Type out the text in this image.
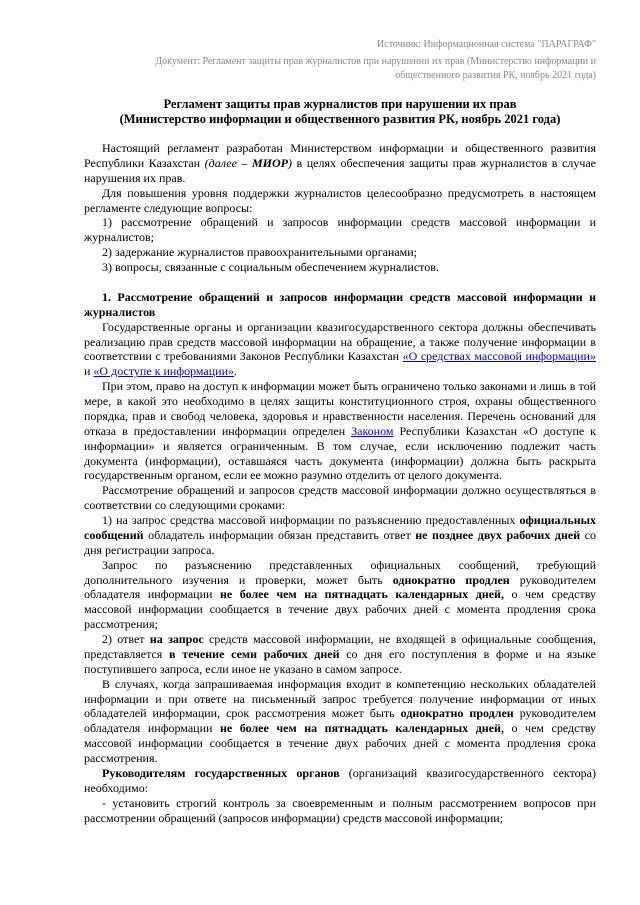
Источник: Информационная система "ПАРАГРАФ"
Документ: Регламент защиты прав журналистов при нарушении их прав (Министерство информации и общественного развития РК, ноябрь 2021 года)
Регламент защиты прав журналистов при нарушении их прав
(Министерство информации и общественного развития РК, ноябрь 2021 года)

Настоящий регламент разработан Министерством информации и общественного развития Республики Казахстан (далее – МИОР) в целях обеспечения защиты прав журналистов в случае нарушения их прав.

Для повышения уровня поддержки журналистов целесообразно предусмотреть в настоящем регламенте следующие вопросы:

1) рассмотрение обращений и запросов информации средств массовой информации и журналистов;

2) задержание журналистов правоохранительными органами;

3) вопросы, связанные с социальным обеспечением журналистов.

1. Рассмотрение обращений и запросов информации средств массовой информации и журналистов

Государственные органы и организации квазигосударственного сектора должны обеспечивать реализацию прав средств массовой информации на обращение, а также получение информации в соответствии с требованиями Законов Республики Казахстан «О средствах массовой информации» и «О доступе к информации».

При этом, право на доступ к информации может быть ограничено только законами и лишь в той мере, в какой это необходимо в целях защиты конституционного строя, охраны общественного порядка, прав и свобод человека, здоровья и нравственности населения. Перечень оснований для отказа в предоставлении информации определен Законом Республики Казахстан «О доступе к информации» и является ограниченным. В том случае, если исключению подлежит часть документа (информации), оставшаяся часть документа (информации) должна быть раскрыта государственным органом, если ее можно разумно отделить от целого документа.

Рассмотрение обращений и запросов средств массовой информации должно осуществляться в соответствии со следующими сроками:

1) на запрос средства массовой информации по разъяснению предоставленных официальных сообщений обладатель информации обязан представить ответ не позднее двух рабочих дней со дня регистрации запроса.

Запрос по разъяснению представленных официальных сообщений, требующий дополнительного изучения и проверки, может быть однократно продлен руководителем обладателя информации не более чем на пятнадцать календарных дней, о чем средству массовой информации сообщается в течение двух рабочих дней с момента продления срока рассмотрения;

2) ответ на запрос средств массовой информации, не входящей в официальные сообщения, представляется в течение семи рабочих дней со дня его поступления в форме и на языке поступившего запроса, если иное не указано в самом запросе.

В случаях, когда запрашиваемая информация входит в компетенцию нескольких обладателей информации и при ответе на письменный запрос требуется получение информации от иных обладателей информации, срок рассмотрения может быть однократно продлен руководителем обладателя информации не более чем на пятнадцать календарных дней, о чем средству массовой информации сообщается в течение двух рабочих дней с момента продления срока рассмотрения.

Руководителям государственных органов (организаций квазигосударственного сектора) необходимо:

- установить строгий контроль за своевременным и полным рассмотрением вопросов при рассмотрении обращений (запросов информации) средств массовой информации;
